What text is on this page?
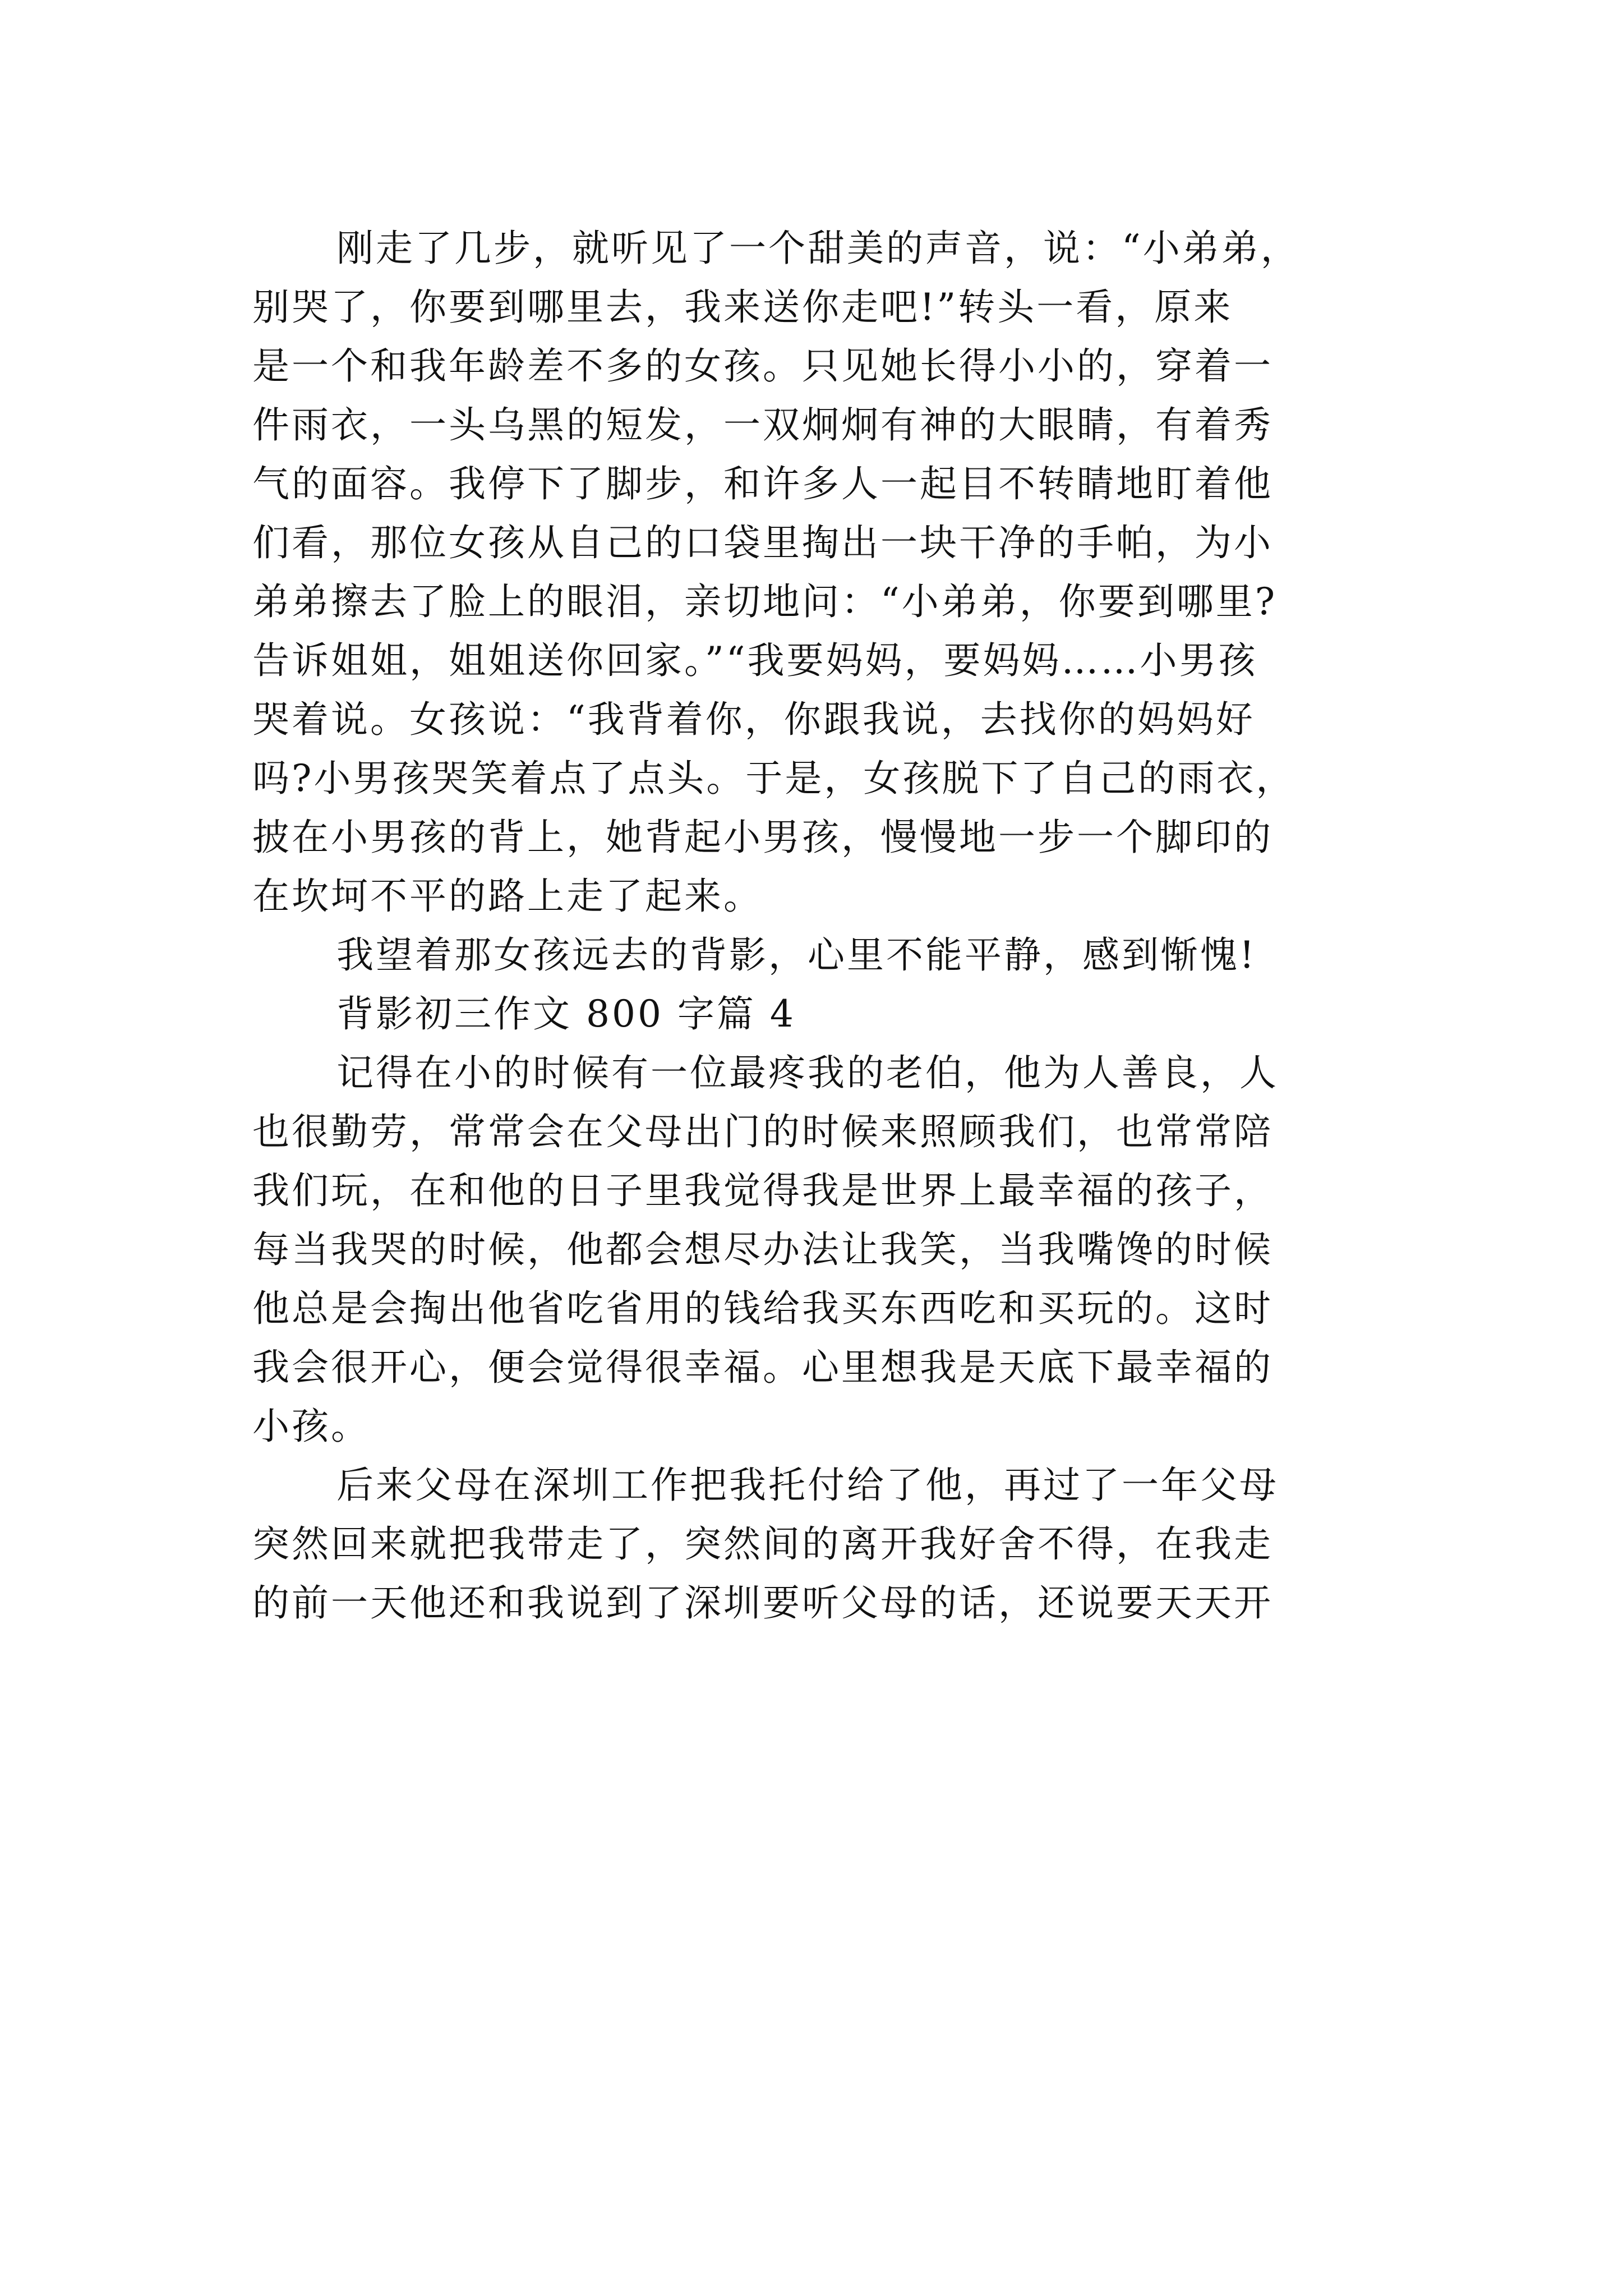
刚走了几步，就听见了一个甜美的声音，说：“小弟弟，
别哭了，你要到哪里去，我来送你走吧!”转头一看，原来
是一个和我年龄差不多的女孩。只见她长得小小的，穿着一
件雨衣，一头乌黑的短发，一双炯炯有神的大眼睛，有着秀
气的面容。我停下了脚步，和许多人一起目不转睛地盯着他
们看，那位女孩从自己的口袋里掏出一块干净的手帕，为小
弟弟擦去了脸上的眼泪，亲切地问：“小弟弟，你要到哪里?
告诉姐姐，姐姐送你回家。”“我要妈妈，要妈妈……小男孩
哭着说。女孩说：“我背着你，你跟我说，去找你的妈妈好
吗?小男孩哭笑着点了点头。于是，女孩脱下了自己的雨衣，
披在小男孩的背上，她背起小男孩，慢慢地一步一个脚印的
在坎坷不平的路上走了起来。
我望着那女孩远去的背影，心里不能平静，感到惭愧!
背影初三作文 800 字篇 4
记得在小的时候有一位最疼我的老伯，他为人善良，人
也很勤劳，常常会在父母出门的时候来照顾我们，也常常陪
我们玩，在和他的日子里我觉得我是世界上最幸福的孩子，
每当我哭的时候，他都会想尽办法让我笑，当我嘴馋的时候
他总是会掏出他省吃省用的钱给我买东西吃和买玩的。这时
我会很开心，便会觉得很幸福。心里想我是天底下最幸福的
小孩。
后来父母在深圳工作把我托付给了他，再过了一年父母
突然回来就把我带走了，突然间的离开我好舍不得，在我走
的前一天他还和我说到了深圳要听父母的话，还说要天天开
